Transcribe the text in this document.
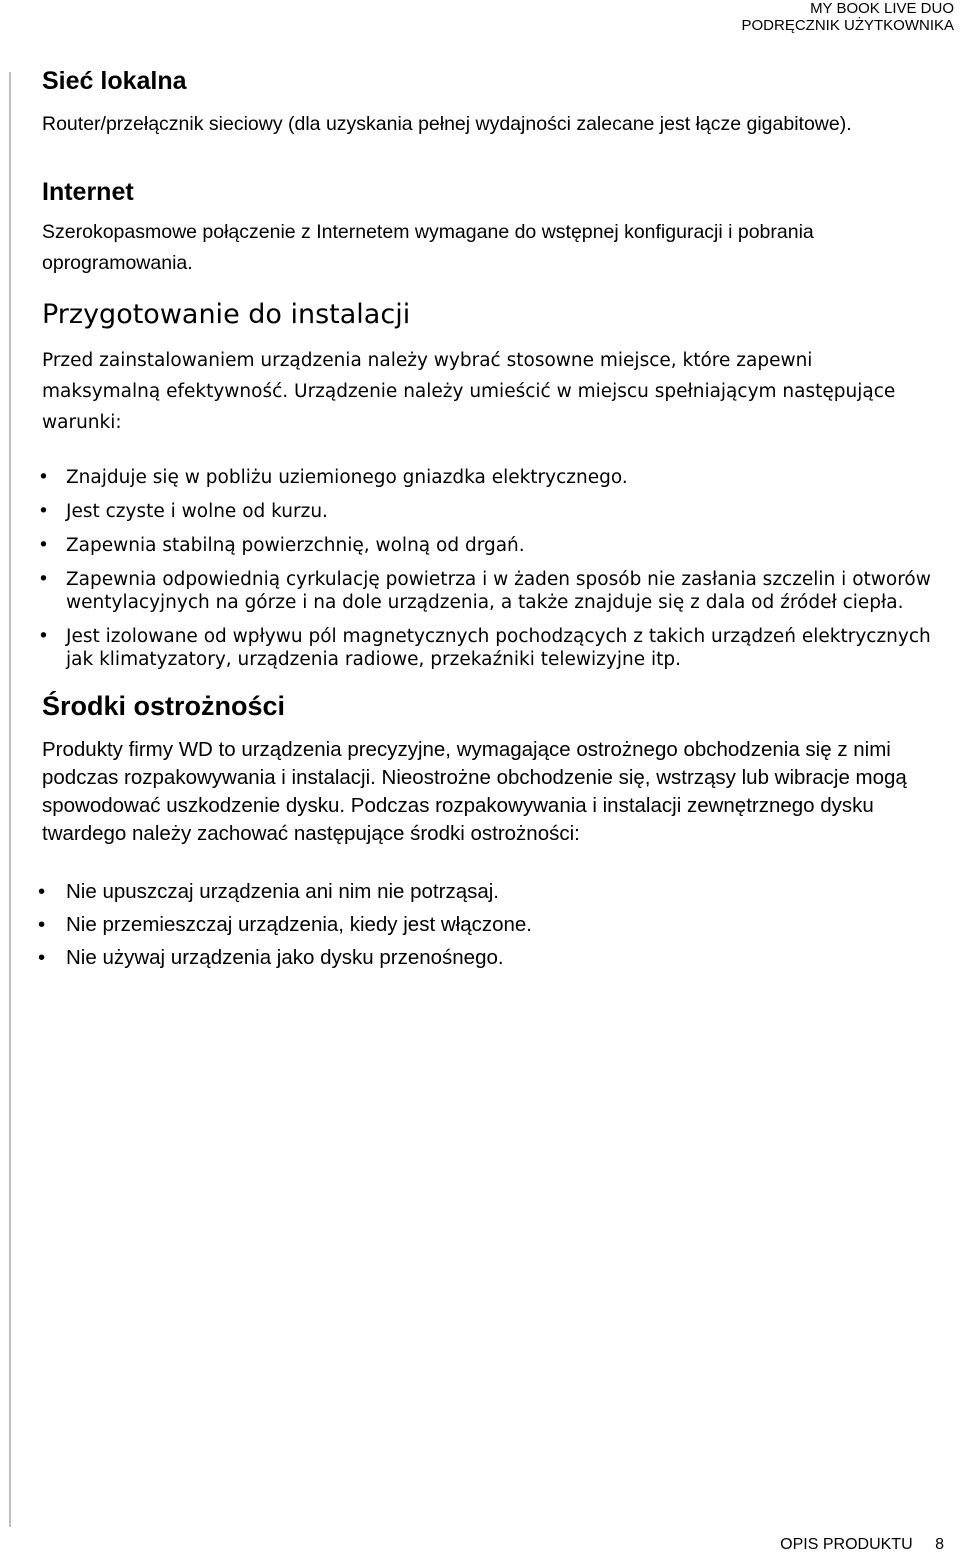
MY BOOK LIVE DUO
PODRĘCZNIK UŻYTKOWNIKA
Sieć lokalna

Router/przełącznik sieciowy (dla uzyskania pełnej wydajności zalecane jest łącze gigabitowe).

Internet

Szerokopasmowe połączenie z Internetem wymagane do wstępnej konfiguracji i pobrania oprogramowania.

Przygotowanie do instalacji

Przed zainstalowaniem urządzenia należy wybrać stosowne miejsce, które zapewni maksymalną efektywność. Urządzenie należy umieścić w miejscu spełniającym następujące warunki:

• Znajduje się w pobliżu uziemionego gniazdka elektrycznego.
• Jest czyste i wolne od kurzu.
• Zapewnia stabilną powierzchnię, wolną od drgań.
• Zapewnia odpowiednią cyrkulację powietrza i w żaden sposób nie zasłania szczelin i otworów wentylacyjnych na górze i na dole urządzenia, a także znajduje się z dala od źródeł ciepła.
• Jest izolowane od wpływu pól magnetycznych pochodzących z takich urządzeń elektrycznych jak klimatyzatory, urządzenia radiowe, przekaźniki telewizyjne itp.
Środki ostrożności

Produkty firmy WD to urządzenia precyzyjne, wymagające ostrożnego obchodzenia się z nimi podczas rozpakowywania i instalacji. Nieostrożne obchodzenie się, wstrząsy lub wibracje mogą spowodować uszkodzenie dysku. Podczas rozpakowywania i instalacji zewnętrznego dysku twardego należy zachować następujące środki ostrożności:

• Nie upuszczaj urządzenia ani nim nie potrząsaj.
• Nie przemieszczaj urządzenia, kiedy jest włączone.
• Nie używaj urządzenia jako dysku przenośnego.
OPIS PRODUKTU 8
